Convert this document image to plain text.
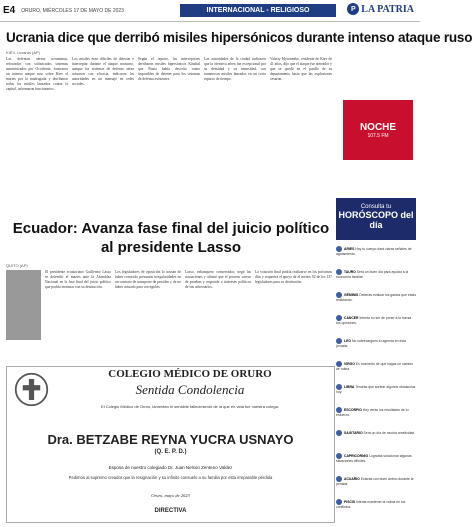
E4 ORURO, MIÉRCOLES 17 DE MAYO DE 2023	INTERNACIONAL - RELIGIOSO	P LA PATRIA
Ucrania dice que derribó misiles hipersónicos durante intenso ataque ruso
KIEV, Ucrania (AP)

Las defensas aéreas ucranianas, reforzadas con sofisticados sistemas suministrados por Occidente, frustraron un intenso ataque ruso sobre Kiev el martes por la madrugada y derribaron todos los misiles lanzados contra la capital, informaron funcionarios.

Los misiles eran difíciles de detectar e interceptar durante el ataque nocturno, aunque los sistemas de defensa aérea actuaron con eficacia, indicaron las autoridades en un mensaje en redes sociales.

Según el reporte, los interceptores derribaron misiles hipersónicos Kinzhal que Rusia había descrito como imposibles de detener para los sistemas de defensa existentes.

Las autoridades de la ciudad indicaron que la ofensiva aérea fue excepcional por su densidad y su intensidad, con numerosos misiles lanzados en un corto espacio de tiempo.

Valeriy Myronenko, residente de Kiev de 41 años, dijo que el ataque fue aterrador y que se quedó en el pasillo de su departamento hasta que las explosiones cesaron.

NOCHE
107.5 FM
Consulta tu
HORÓSCOPO del día
ARIES Hoy tu cuerpo dará claras señales de agotamiento.
TAURO Será un buen día para ayudar a la economía familiar.
GÉMINIS Deberás evaluar los gastos que estás realizando.
CÁNCER Intenta no ser de poner a la fuerza tus opiniones.
LEO No sobrecargues tu agenda en esta jornada.
VIRGO Es momento de que hagas un cambio de rutina.
LIBRA Tendrás que sortear algunos obstáculos hoy.
ESCORPIO Hoy verás los resultados de tu esfuerzo.
SAGITARIO Será un día de mucha creatividad.
CAPRICORNIO Lograrás solucionar algunas situaciones difíciles.
ACUARIO Estarás con buen ánimo durante la jornada.
PISCIS Intenta mantener la calma en los conflictos.
Ecuador: Avanza fase final del juicio político al presidente Lasso
QUITO (AP)

El presidente ecuatoriano Guillermo Lasso se defendió el martes ante la Asamblea Nacional en la fase final del juicio político que podría terminar con su destitución.

Los legisladores de oposición lo acusan de haber conocido presuntas irregularidades en un contrato de transporte de petróleo y de no haber actuado para corregirlas.

Lasso, exbanquero conservador, negó las acusaciones y afirmó que el proceso carece de pruebas y responde a intereses políticos de sus adversarios.

La votación final podría realizarse en los próximos días y requerirá el apoyo de al menos 92 de los 137 legisladores para su destitución.

COLEGIO MÉDICO DE ORURO
Sentida Condolencia
El Colegio Médico de Oruro, lamentan el sensible fallecimiento de la que en vida fue nuestra colega:
Dra. BETZABE REYNA YUCRA USNAYO
(Q. E. P. D.)
Esposa de nuestro colegiado Dr. Juan Nelson Zenteno Valdez
Pedimos al supremo creador que la resignación y su infinito consuelo a su familia por esta irreparable pérdida
Oruro, mayo de 2023
DIRECTIVA
